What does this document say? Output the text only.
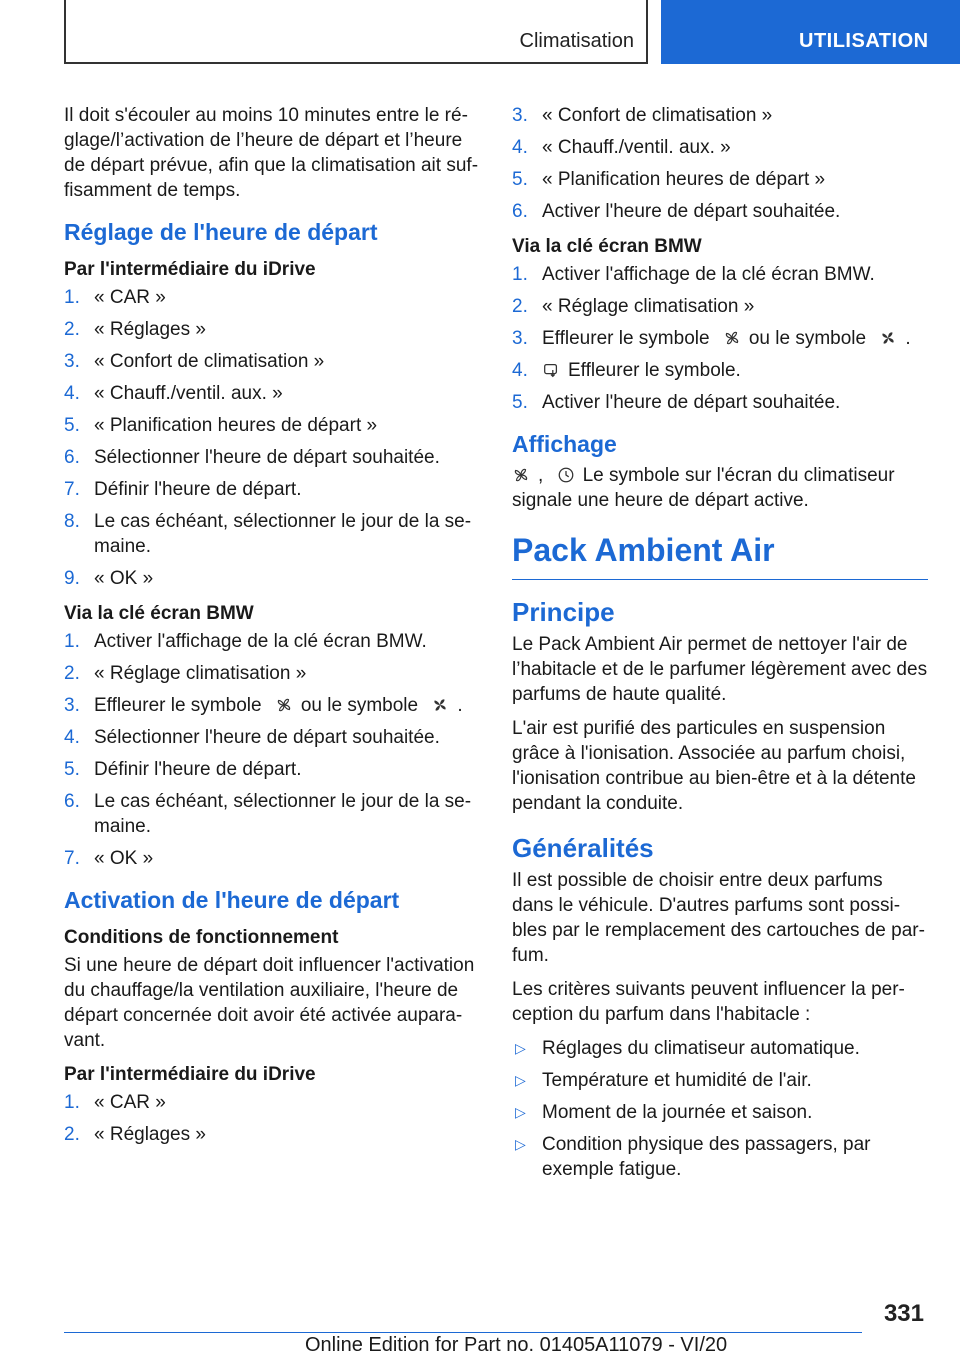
Climatisation	UTILISATION

Il doit s'écouler au moins 10 minutes entre le réglage/l’activation de l’heure de départ et l’heure de départ prévue, afin que la climatisation ait suffisamment de temps.

Réglage de l'heure de départ
Par l'intermédiaire du iDrive
1. « CAR »
2. « Réglages »
3. « Confort de climatisation »
4. « Chauff./ventil. aux. »
5. « Planification heures de départ »
6. Sélectionner l'heure de départ souhaitée.
7. Définir l'heure de départ.
8. Le cas échéant, sélectionner le jour de la semaine.
9. « OK »
Via la clé écran BMW
1. Activer l'affichage de la clé écran BMW.
2. « Réglage climatisation »
3. Effleurer le symbole ou le symbole .
4. Sélectionner l'heure de départ souhaitée.
5. Définir l'heure de départ.
6. Le cas échéant, sélectionner le jour de la semaine.
7. « OK »
Activation de l'heure de départ
Conditions de fonctionnement

Si une heure de départ doit influencer l'activation du chauffage/la ventilation auxiliaire, l'heure de départ concernée doit avoir été activée auparavant.

Par l'intermédiaire du iDrive
1. « CAR »
2. « Réglages »
3. « Confort de climatisation »
4. « Chauff./ventil. aux. »
5. « Planification heures de départ »
6. Activer l'heure de départ souhaitée.
Via la clé écran BMW
1. Activer l'affichage de la clé écran BMW.
2. « Réglage climatisation »
3. Effleurer le symbole ou le symbole .
4. Effleurer le symbole.
5. Activer l'heure de départ souhaitée.
Affichage

, Le symbole sur l'écran du climatiseur
signale une heure de départ active.

Pack Ambient Air
Principe

Le Pack Ambient Air permet de nettoyer l'air de l’habitacle et de le parfumer légèrement avec des parfums de haute qualité.

L'air est purifié des particules en suspension grâce à l'ionisation. Associée au parfum choisi, l'ionisation contribue au bien-être et à la détente pendant la conduite.

Généralités

Il est possible de choisir entre deux parfums dans le véhicule. D'autres parfums sont possibles par le remplacement des cartouches de parfum.

Les critères suivants peuvent influencer la perception du parfum dans l'habitacle :

▷ Réglages du climatiseur automatique.
▷ Température et humidité de l'air.
▷ Moment de la journée et saison.
▷ Condition physique des passagers, par exemple fatigue.
331
Online Edition for Part no. 01405A11079 - VI/20
